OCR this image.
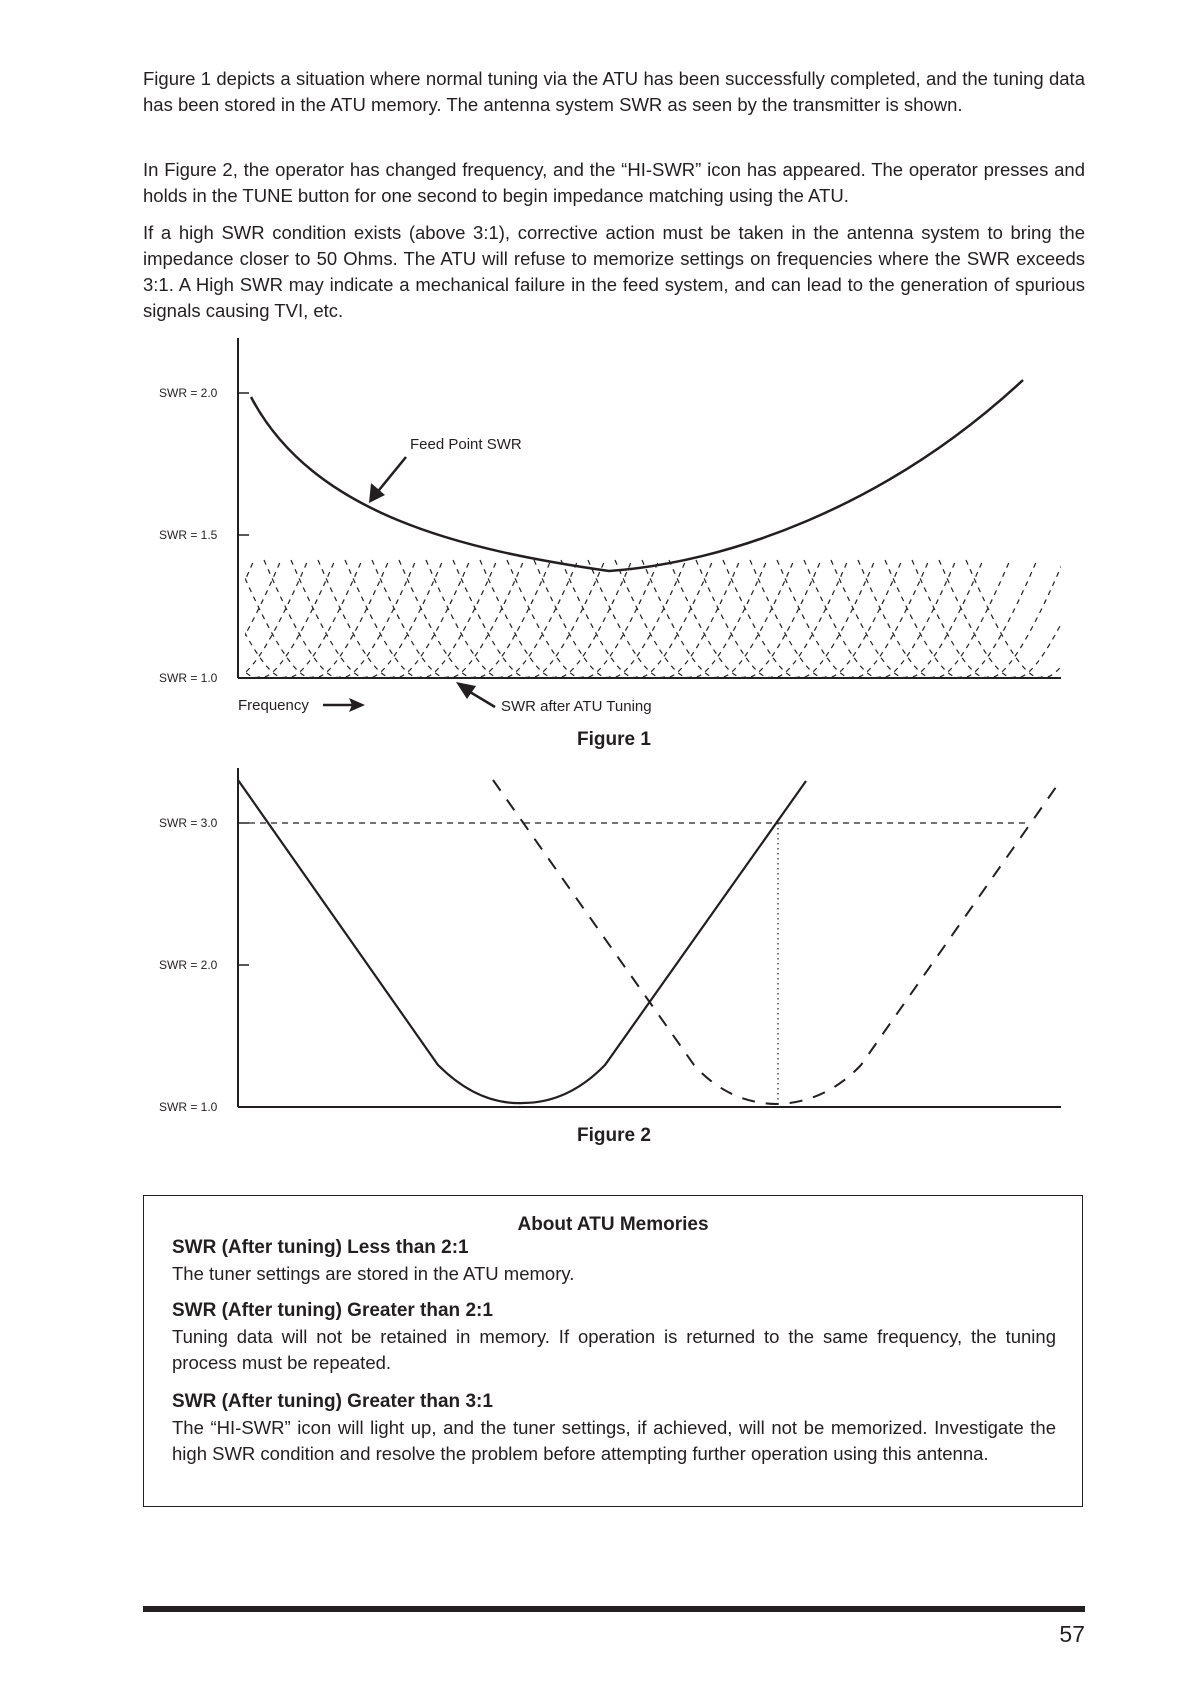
Figure 1 depicts a situation where normal tuning via the ATU has been successfully completed, and the tuning data has been stored in the ATU memory. The antenna system SWR as seen by the transmitter is shown.

In Figure 2, the operator has changed frequency, and the “HI-SWR” icon has appeared. The operator presses and holds in the TUNE button for one second to begin impedance matching using the ATU.

If a high SWR condition exists (above 3:1), corrective action must be taken in the antenna system to bring the impedance closer to 50 Ohms. The ATU will refuse to memorize settings on frequencies where the SWR exceeds 3:1. A High SWR may indicate a mechanical failure in the feed system, and can lead to the generation of spurious signals causing TVI, etc.

SWR = 2.0
SWR = 1.5
SWR = 1.0
Feed Point SWR
Frequency	SWR after ATU Tuning
Figure 1
SWR = 3.0
SWR = 2.0
SWR = 1.0
Figure 2
About ATU Memories
SWR (After tuning) Less than 2:1
The tuner settings are stored in the ATU memory.
SWR (After tuning) Greater than 2:1
Tuning data will not be retained in memory. If operation is returned to the same frequency, the tuning process must be repeated.
SWR (After tuning) Greater than 3:1
The “HI-SWR” icon will light up, and the tuner settings, if achieved, will not be memorized. Investigate the high SWR condition and resolve the problem before attempting further operation using this antenna.
57
